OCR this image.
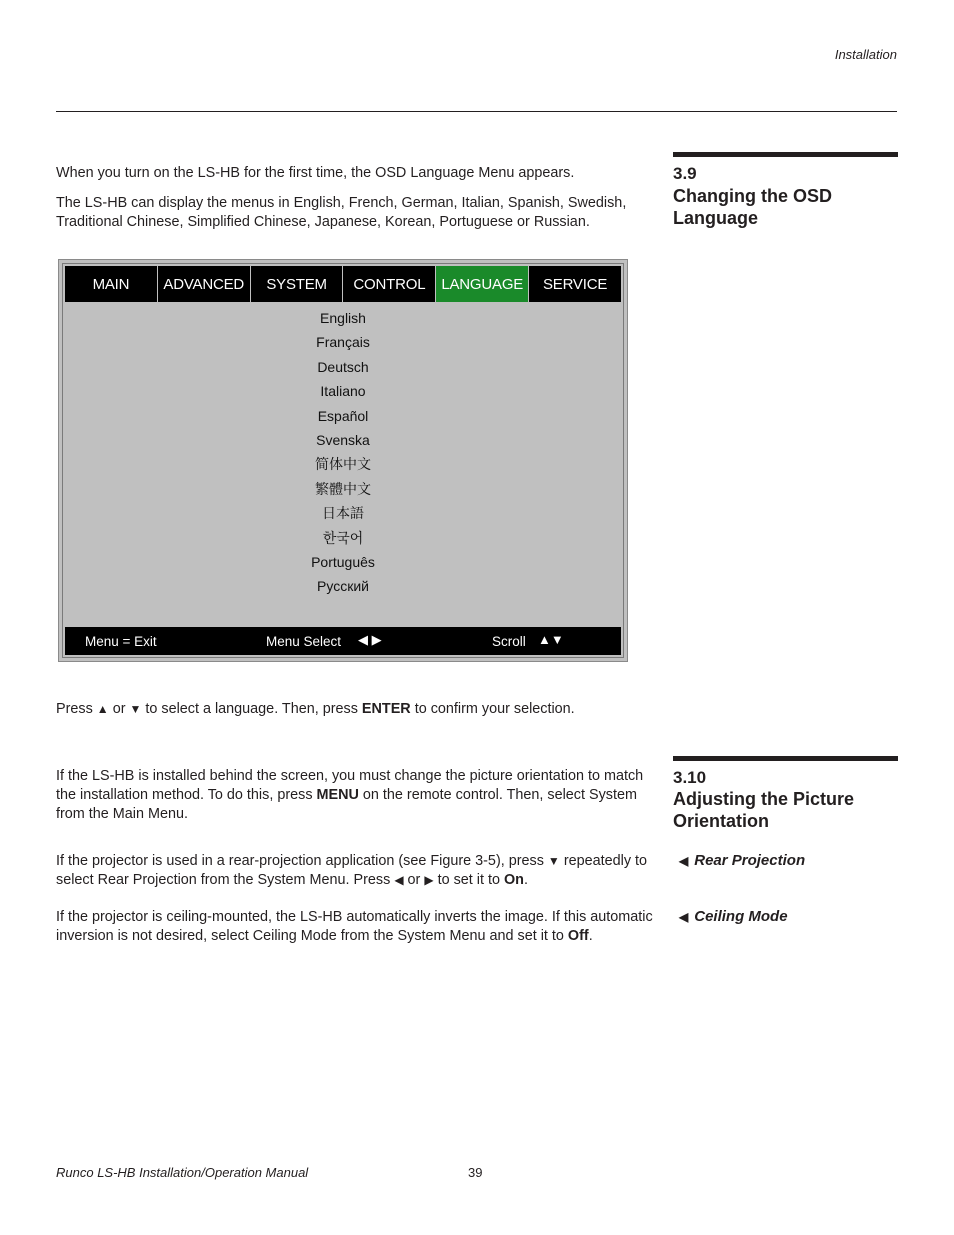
Installation
3.9
Changing the OSD Language
When you turn on the LS-HB for the first time, the OSD Language Menu appears.
The LS-HB can display the menus in English, French, German, Italian, Spanish, Swedish, Traditional Chinese, Simplified Chinese, Japanese, Korean, Portuguese or Russian.
MAIN	ADVANCED	SYSTEM	CONTROL	LANGUAGE	SERVICE
English
Français
Deutsch
Italiano
Español
Svenska
简体中文
繁體中文
日本語
한국어
Português
Русский
Menu = Exit	Menu Select ◀ ▶	Scroll ▲▼
Press ▲ or ▼ to select a language. Then, press ENTER to confirm your selection.
3.10
Adjusting the Picture Orientation
If the LS-HB is installed behind the screen, you must change the picture orientation to match the installation method. To do this, press MENU on the remote control. Then, select System from the Main Menu.
◀ Rear Projection
If the projector is used in a rear-projection application (see Figure 3-5), press ▼ repeatedly to select Rear Projection from the System Menu. Press ◀ or ▶ to set it to On.
◀ Ceiling Mode
If the projector is ceiling-mounted, the LS-HB automatically inverts the image. If this automatic inversion is not desired, select Ceiling Mode from the System Menu and set it to Off.
Runco LS-HB Installation/Operation Manual	39
